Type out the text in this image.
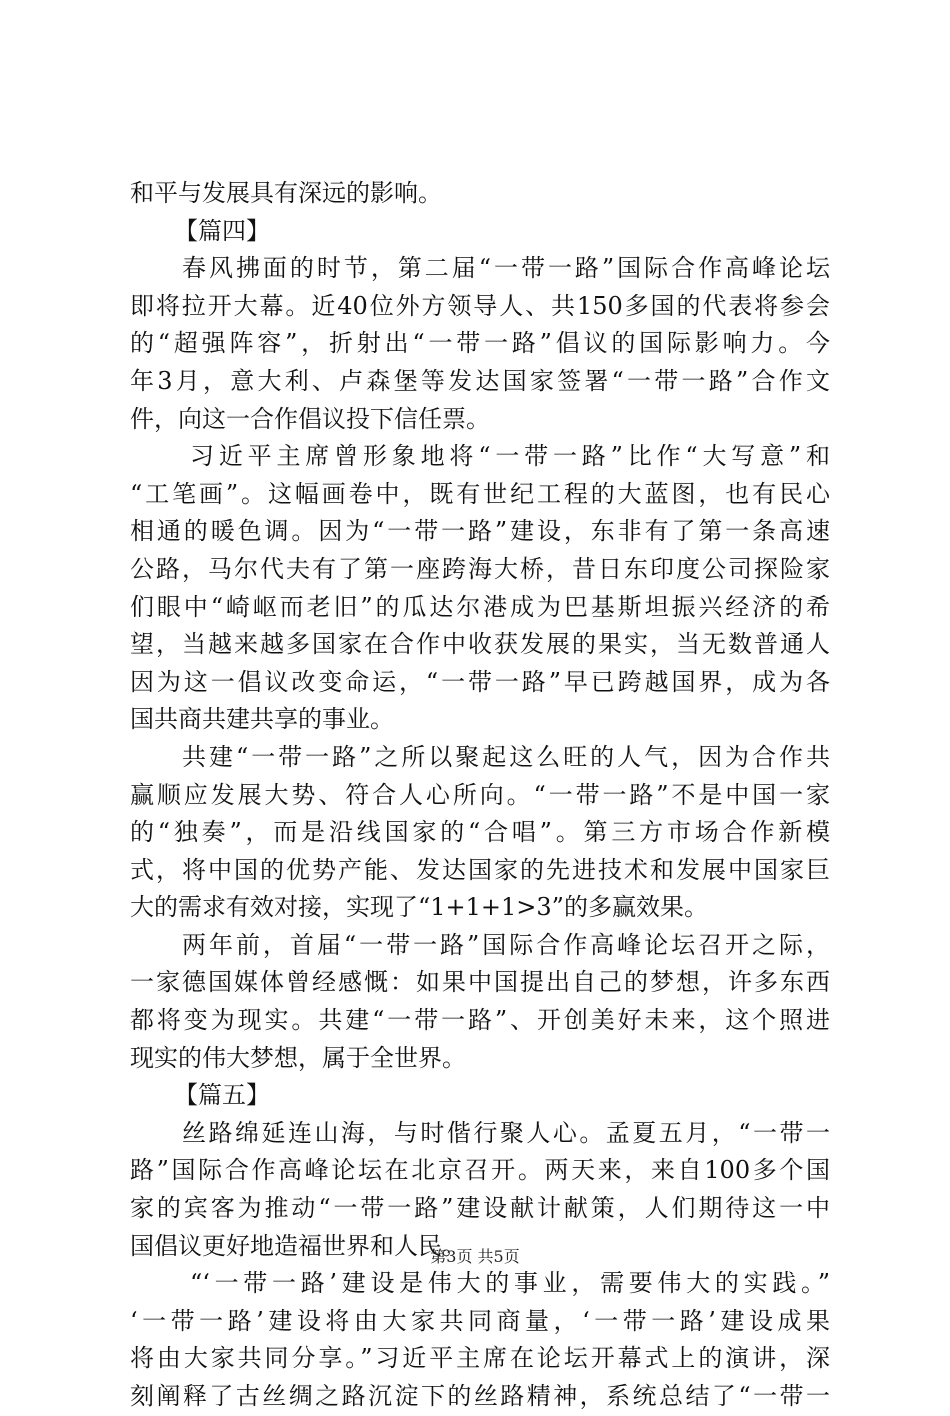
和平与发展具有深远的影响。
【篇四】
春风拂面的时节，第二届“一带一路”国际合作高峰论坛
即将拉开大幕。近40位外方领导人、共150多国的代表将参会
的“超强阵容”，折射出“一带一路”倡议的国际影响力。今
年3月，意大利、卢森堡等发达国家签署“一带一路”合作文
件，向这一合作倡议投下信任票。
习近平主席曾形象地将“一带一路”比作“大写意”和
“工笔画”。这幅画卷中，既有世纪工程的大蓝图，也有民心
相通的暖色调。因为“一带一路”建设，东非有了第一条高速
公路，马尔代夫有了第一座跨海大桥，昔日东印度公司探险家
们眼中“崎岖而老旧”的瓜达尔港成为巴基斯坦振兴经济的希
望，当越来越多国家在合作中收获发展的果实，当无数普通人
因为这一倡议改变命运，“一带一路”早已跨越国界，成为各
国共商共建共享的事业。
共建“一带一路”之所以聚起这么旺的人气，因为合作共
赢顺应发展大势、符合人心所向。“一带一路”不是中国一家
的“独奏”，而是沿线国家的“合唱”。第三方市场合作新模
式，将中国的优势产能、发达国家的先进技术和发展中国家巨
大的需求有效对接，实现了“1+1+1>3”的多赢效果。
两年前，首届“一带一路”国际合作高峰论坛召开之际，
一家德国媒体曾经感慨：如果中国提出自己的梦想，许多东西
都将变为现实。共建“一带一路”、开创美好未来，这个照进
现实的伟大梦想，属于全世界。
【篇五】
丝路绵延连山海，与时偕行聚人心。孟夏五月，“一带一
路”国际合作高峰论坛在北京召开。两天来，来自100多个国
家的宾客为推动“一带一路”建设献计献策，人们期待这一中
国倡议更好地造福世界和人民。
“‘一带一路’建设是伟大的事业，需要伟大的实践。”
‘一带一路’建设将由大家共同商量，‘一带一路’建设成果
将由大家共同分享。”习近平主席在论坛开幕式上的演讲，深
刻阐释了古丝绸之路沉淀下的丝路精神，系统总结了“一带一
第3页 共5页
